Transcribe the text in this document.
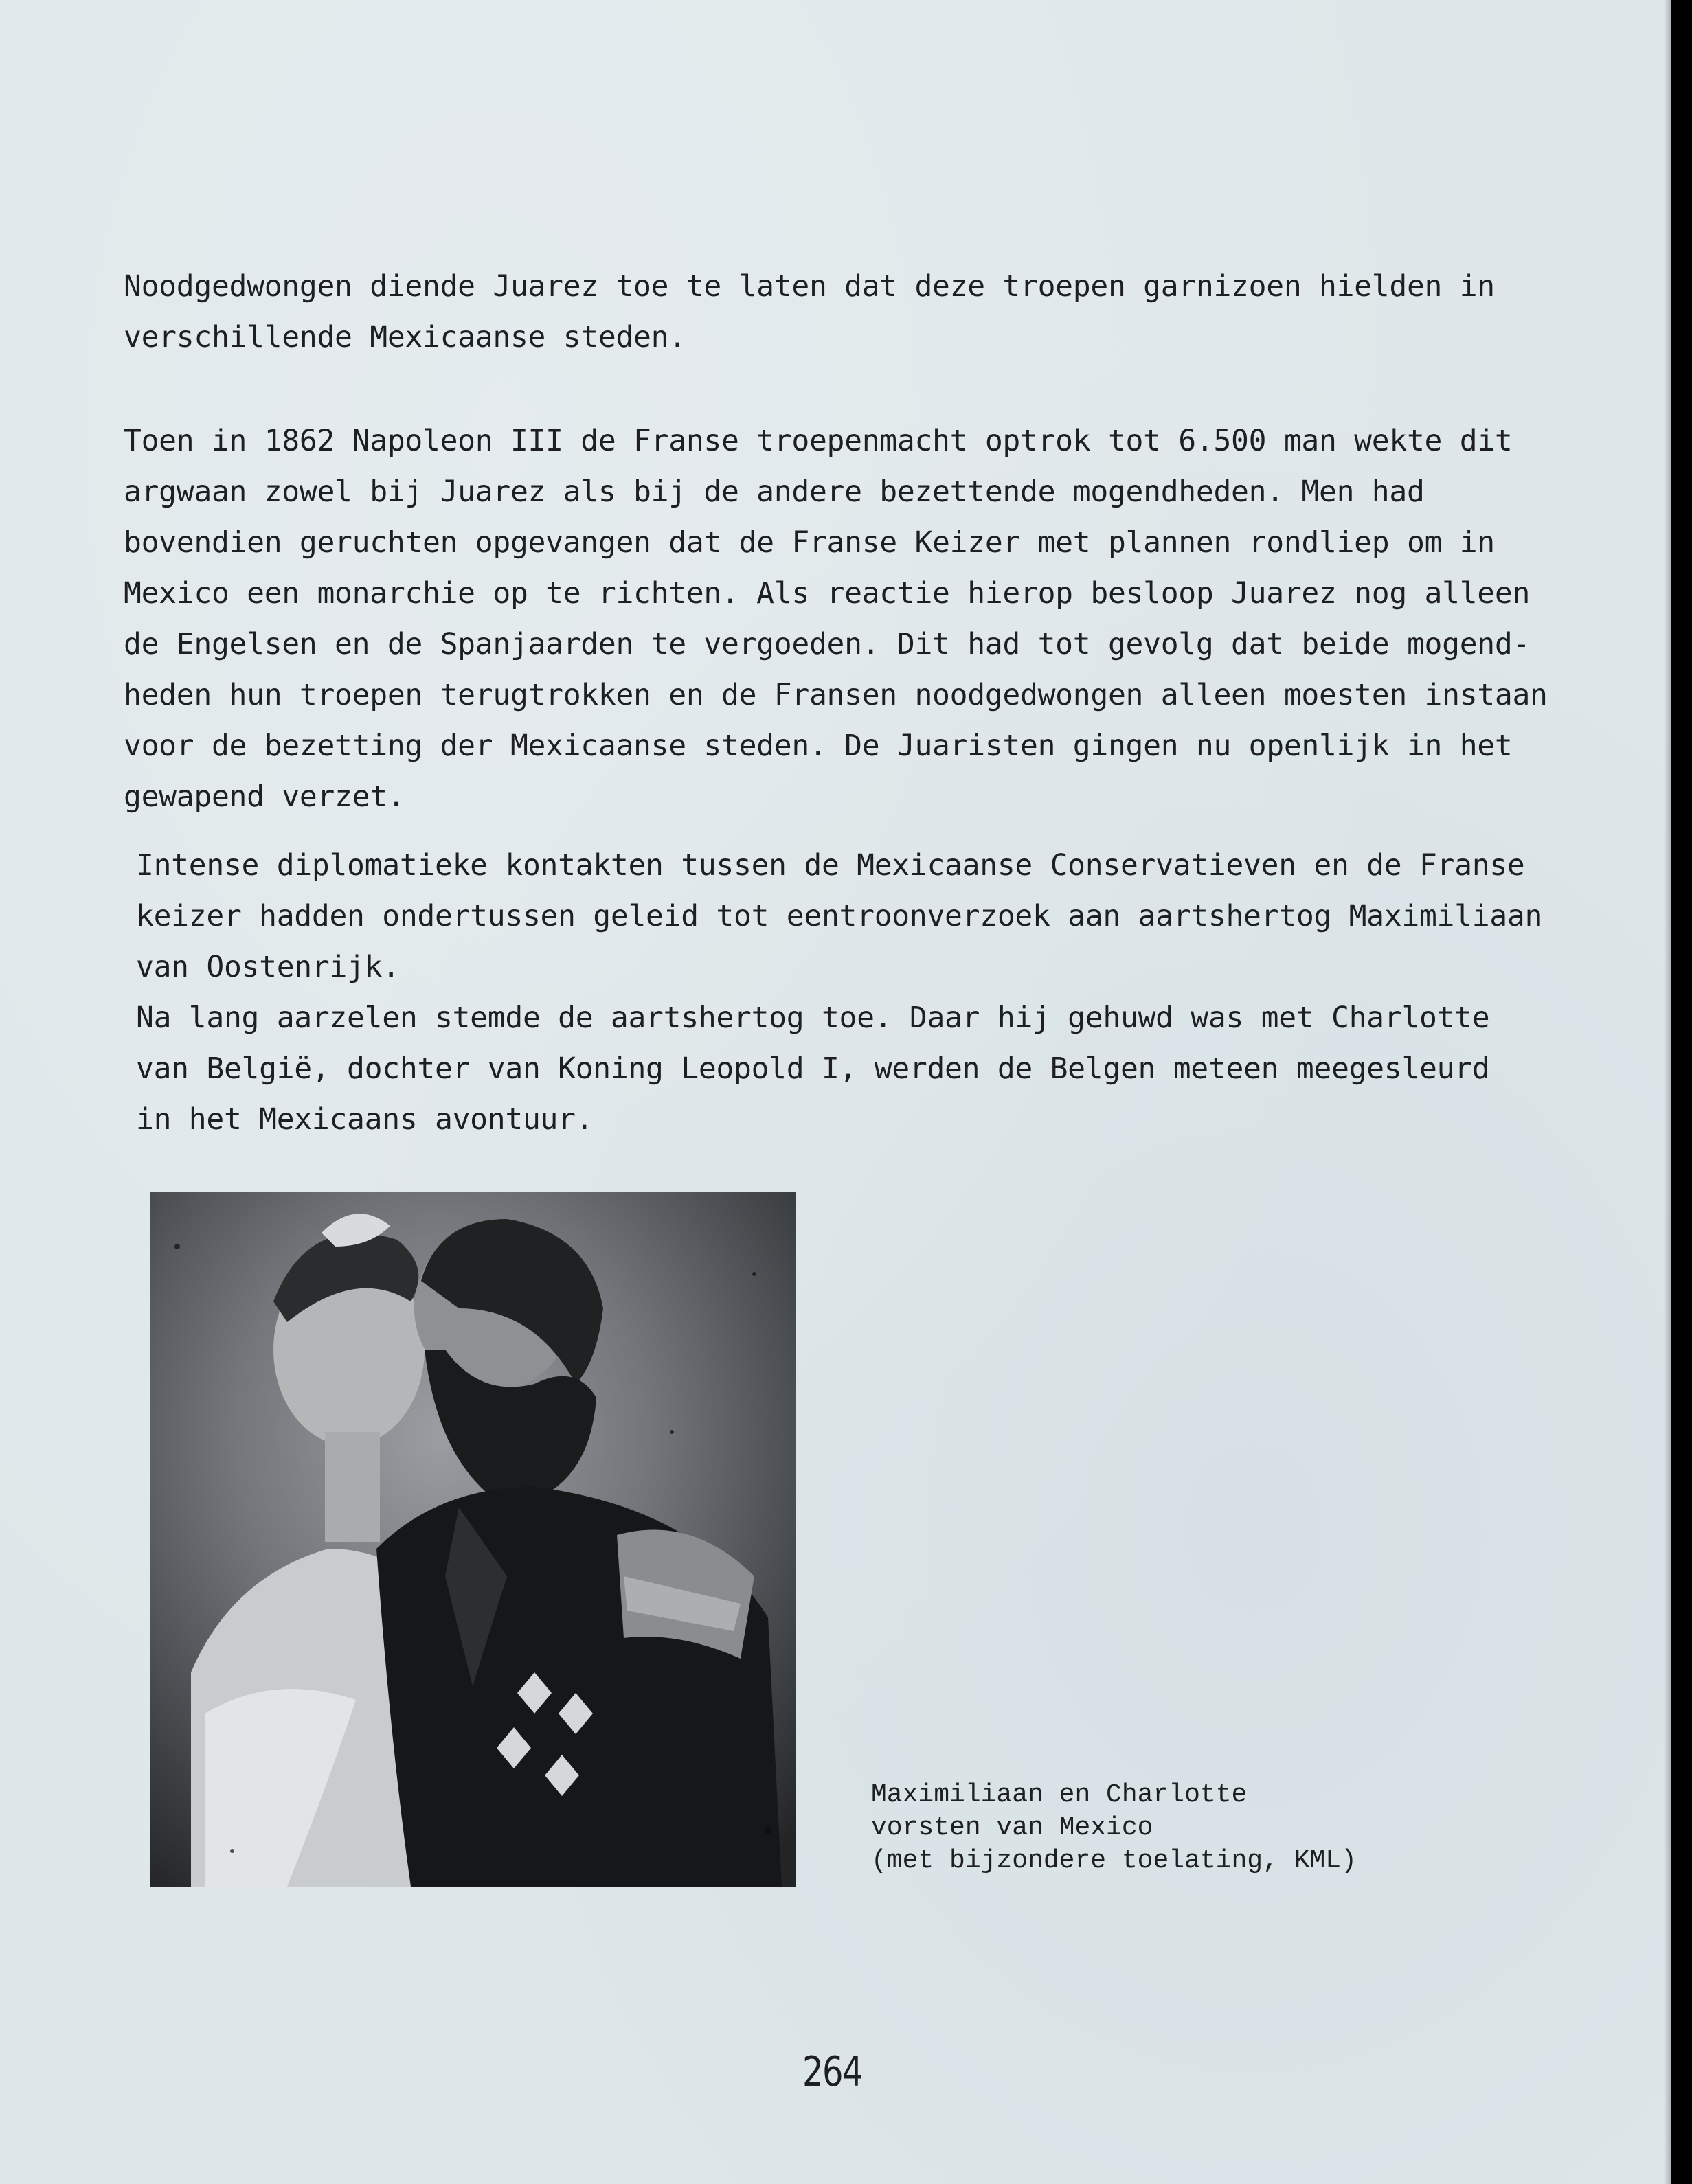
Noodgedwongen diende Juarez toe te laten dat deze troepen garnizoen hielden in
verschillende Mexicaanse steden.
Toen in 1862 Napoleon III de Franse troepenmacht optrok tot 6.500 man wekte dit
argwaan zowel bij Juarez als bij de andere bezettende mogendheden. Men had
bovendien geruchten opgevangen dat de Franse Keizer met plannen rondliep om in
Mexico een monarchie op te richten. Als reactie hierop besloop Juarez nog alleen
de Engelsen en de Spanjaarden te vergoeden. Dit had tot gevolg dat beide mogend-
heden hun troepen terugtrokken en de Fransen noodgedwongen alleen moesten instaan
voor de bezetting der Mexicaanse steden. De Juaristen gingen nu openlijk in het
gewapend verzet.
Intense diplomatieke kontakten tussen de Mexicaanse Conservatieven en de Franse
keizer hadden ondertussen geleid tot eentroonverzoek aan aartshertog Maximiliaan
van Oostenrijk.
Na lang aarzelen stemde de aartshertog toe. Daar hij gehuwd was met Charlotte
van België, dochter van Koning Leopold I, werden de Belgen meteen meegesleurd
in het Mexicaans avontuur.
Maximiliaan en Charlotte
vorsten van Mexico
(met bijzondere toelating, KML)
264
